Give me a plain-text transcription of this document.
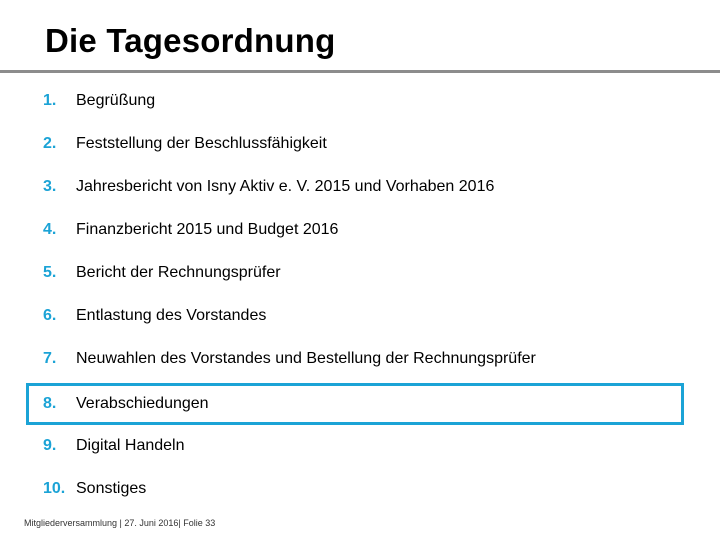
Die Tagesordnung
1. Begrüßung
2. Feststellung der Beschlussfähigkeit
3. Jahresbericht von Isny Aktiv e. V. 2015 und Vorhaben 2016
4. Finanzbericht 2015 und Budget 2016
5. Bericht der Rechnungsprüfer
6. Entlastung des Vorstandes
7. Neuwahlen des Vorstandes und Bestellung der Rechnungsprüfer
8. Verabschiedungen
9. Digital Handeln
10. Sonstiges
Mitgliederversammlung | 27. Juni 2016| Folie 33
